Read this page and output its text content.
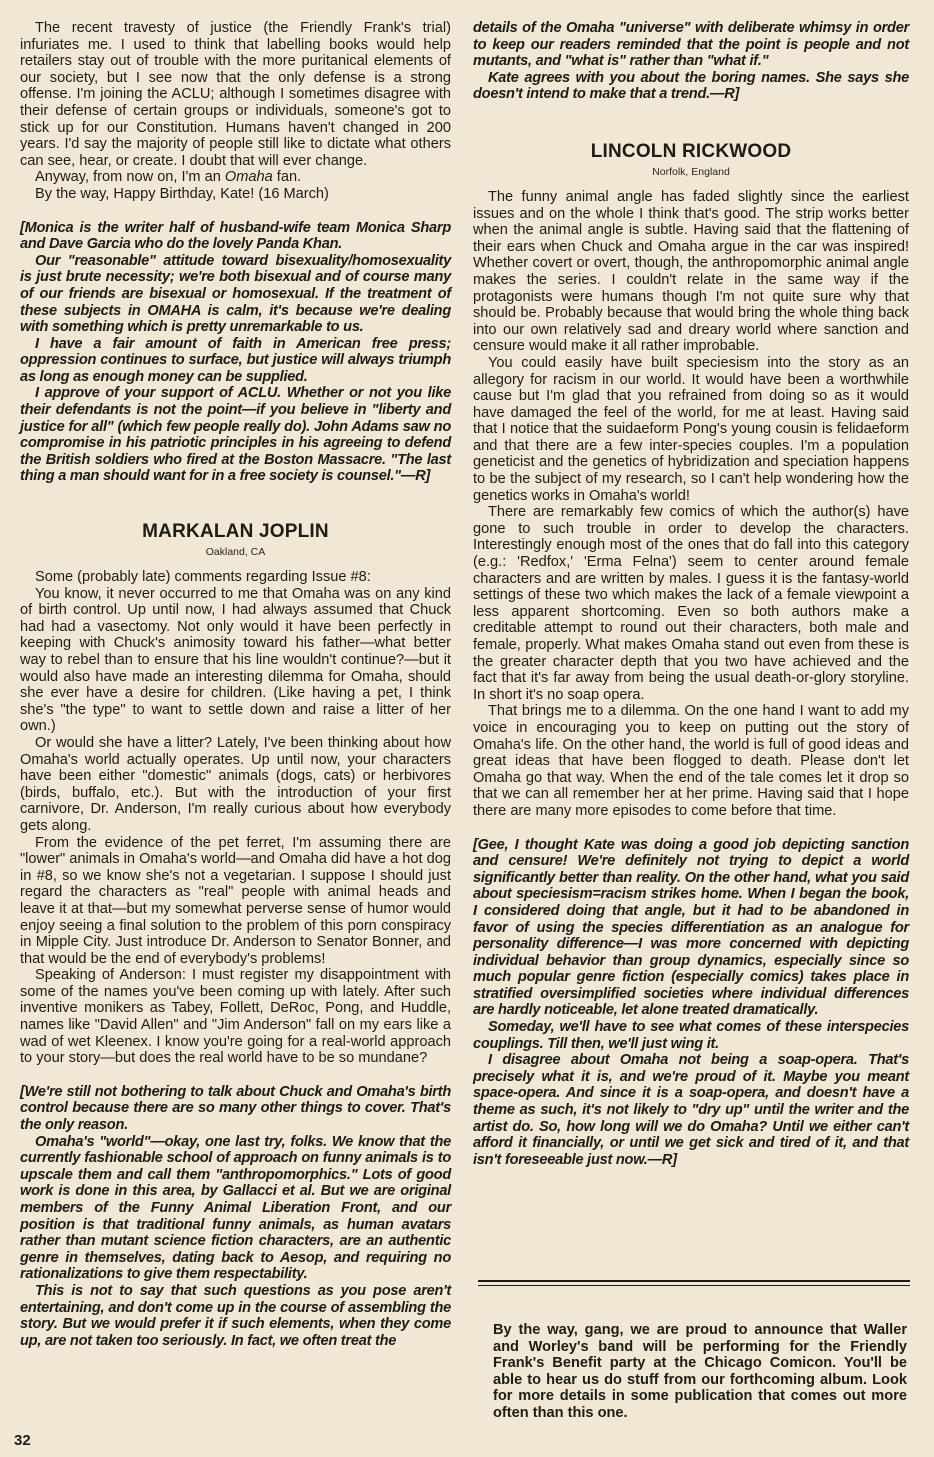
The recent travesty of justice (the Friendly Frank's trial) infuriates me. I used to think that labelling books would help retailers stay out of trouble with the more puritanical elements of our society, but I see now that the only defense is a strong offense. I'm joining the ACLU; although I sometimes disagree with their defense of certain groups or individuals, someone's got to stick up for our Constitution. Humans haven't changed in 200 years. I'd say the majority of people still like to dictate what others can see, hear, or create. I doubt that will ever change.

Anyway, from now on, I'm an Omaha fan.

By the way, Happy Birthday, Kate! (16 March)

[Monica is the writer half of husband-wife team Monica Sharp and Dave Garcia who do the lovely Panda Khan.

Our "reasonable" attitude toward bisexuality/homosexuality is just brute necessity; we're both bisexual and of course many of our friends are bisexual or homosexual. If the treatment of these subjects in OMAHA is calm, it's because we're dealing with something which is pretty unremarkable to us.

I have a fair amount of faith in American free press; oppression continues to surface, but justice will always triumph as long as enough money can be supplied.

I approve of your support of ACLU. Whether or not you like their defendants is not the point—if you believe in "liberty and justice for all" (which few people really do). John Adams saw no compromise in his patriotic principles in his agreeing to defend the British soldiers who fired at the Boston Massacre. "The last thing a man should want for in a free society is counsel."—R]

MARKALAN JOPLIN
Oakland, CA

Some (probably late) comments regarding Issue #8:

You know, it never occurred to me that Omaha was on any kind of birth control. Up until now, I had always assumed that Chuck had had a vasectomy. Not only would it have been perfectly in keeping with Chuck's animosity toward his father—what better way to rebel than to ensure that his line wouldn't continue?—but it would also have made an interesting dilemma for Omaha, should she ever have a desire for children. (Like having a pet, I think she's "the type" to want to settle down and raise a litter of her own.)

Or would she have a litter? Lately, I've been thinking about how Omaha's world actually operates. Up until now, your characters have been either "domestic" animals (dogs, cats) or herbivores (birds, buffalo, etc.). But with the introduction of your first carnivore, Dr. Anderson, I'm really curious about how everybody gets along.

From the evidence of the pet ferret, I'm assuming there are "lower" animals in Omaha's world—and Omaha did have a hot dog in #8, so we know she's not a vegetarian. I suppose I should just regard the characters as "real" people with animal heads and leave it at that—but my somewhat perverse sense of humor would enjoy seeing a final solution to the problem of this porn conspiracy in Mipple City. Just introduce Dr. Anderson to Senator Bonner, and that would be the end of everybody's problems!

Speaking of Anderson: I must register my disappointment with some of the names you've been coming up with lately. After such inventive monikers as Tabey, Follett, DeRoc, Pong, and Huddle, names like "David Allen" and "Jim Anderson" fall on my ears like a wad of wet Kleenex. I know you're going for a real-world approach to your story—but does the real world have to be so mundane?

[We're still not bothering to talk about Chuck and Omaha's birth control because there are so many other things to cover. That's the only reason.

Omaha's "world"—okay, one last try, folks. We know that the currently fashionable school of approach on funny animals is to upscale them and call them "anthropomorphics." Lots of good work is done in this area, by Gallacci et al. But we are original members of the Funny Animal Liberation Front, and our position is that traditional funny animals, as human avatars rather than mutant science fiction characters, are an authentic genre in themselves, dating back to Aesop, and requiring no rationalizations to give them respectability.

This is not to say that such questions as you pose aren't entertaining, and don't come up in the course of assembling the story. But we would prefer it if such elements, when they come up, are not taken too seriously. In fact, we often treat the

details of the Omaha "universe" with deliberate whimsy in order to keep our readers reminded that the point is people and not mutants, and "what is" rather than "what if."

Kate agrees with you about the boring names. She says she doesn't intend to make that a trend.—R]

LINCOLN RICKWOOD
Norfolk, England

The funny animal angle has faded slightly since the earliest issues and on the whole I think that's good. The strip works better when the animal angle is subtle. Having said that the flattening of their ears when Chuck and Omaha argue in the car was inspired! Whether covert or overt, though, the anthropomorphic animal angle makes the series. I couldn't relate in the same way if the protagonists were humans though I'm not quite sure why that should be. Probably because that would bring the whole thing back into our own relatively sad and dreary world where sanction and censure would make it all rather improbable.

You could easily have built speciesism into the story as an allegory for racism in our world. It would have been a worthwhile cause but I'm glad that you refrained from doing so as it would have damaged the feel of the world, for me at least. Having said that I notice that the suidaeform Pong's young cousin is felidaeform and that there are a few inter-species couples. I'm a population geneticist and the genetics of hybridization and speciation happens to be the subject of my research, so I can't help wondering how the genetics works in Omaha's world!

There are remarkably few comics of which the author(s) have gone to such trouble in order to develop the characters. Interestingly enough most of the ones that do fall into this category (e.g.: 'Redfox,' 'Erma Felna') seem to center around female characters and are written by males. I guess it is the fantasy-world settings of these two which makes the lack of a female viewpoint a less apparent shortcoming. Even so both authors make a creditable attempt to round out their characters, both male and female, properly. What makes Omaha stand out even from these is the greater character depth that you two have achieved and the fact that it's far away from being the usual death-or-glory storyline. In short it's no soap opera.

That brings me to a dilemma. On the one hand I want to add my voice in encouraging you to keep on putting out the story of Omaha's life. On the other hand, the world is full of good ideas and great ideas that have been flogged to death. Please don't let Omaha go that way. When the end of the tale comes let it drop so that we can all remember her at her prime. Having said that I hope there are many more episodes to come before that time.

[Gee, I thought Kate was doing a good job depicting sanction and censure! We're definitely not trying to depict a world significantly better than reality. On the other hand, what you said about speciesism=racism strikes home. When I began the book, I considered doing that angle, but it had to be abandoned in favor of using the species differentiation as an analogue for personality difference—I was more concerned with depicting individual behavior than group dynamics, especially since so much popular genre fiction (especially comics) takes place in stratified oversimplified societies where individual differences are hardly noticeable, let alone treated dramatically.

Someday, we'll have to see what comes of these interspecies couplings. Till then, we'll just wing it.

I disagree about Omaha not being a soap-opera. That's precisely what it is, and we're proud of it. Maybe you meant space-opera. And since it is a soap-opera, and doesn't have a theme as such, it's not likely to "dry up" until the writer and the artist do. So, how long will we do Omaha? Until we either can't afford it financially, or until we get sick and tired of it, and that isn't foreseeable just now.—R]

By the way, gang, we are proud to announce that Waller and Worley's band will be performing for the Friendly Frank's Benefit party at the Chicago Comicon. You'll be able to hear us do stuff from our forthcoming album. Look for more details in some publication that comes out more often than this one.
32
